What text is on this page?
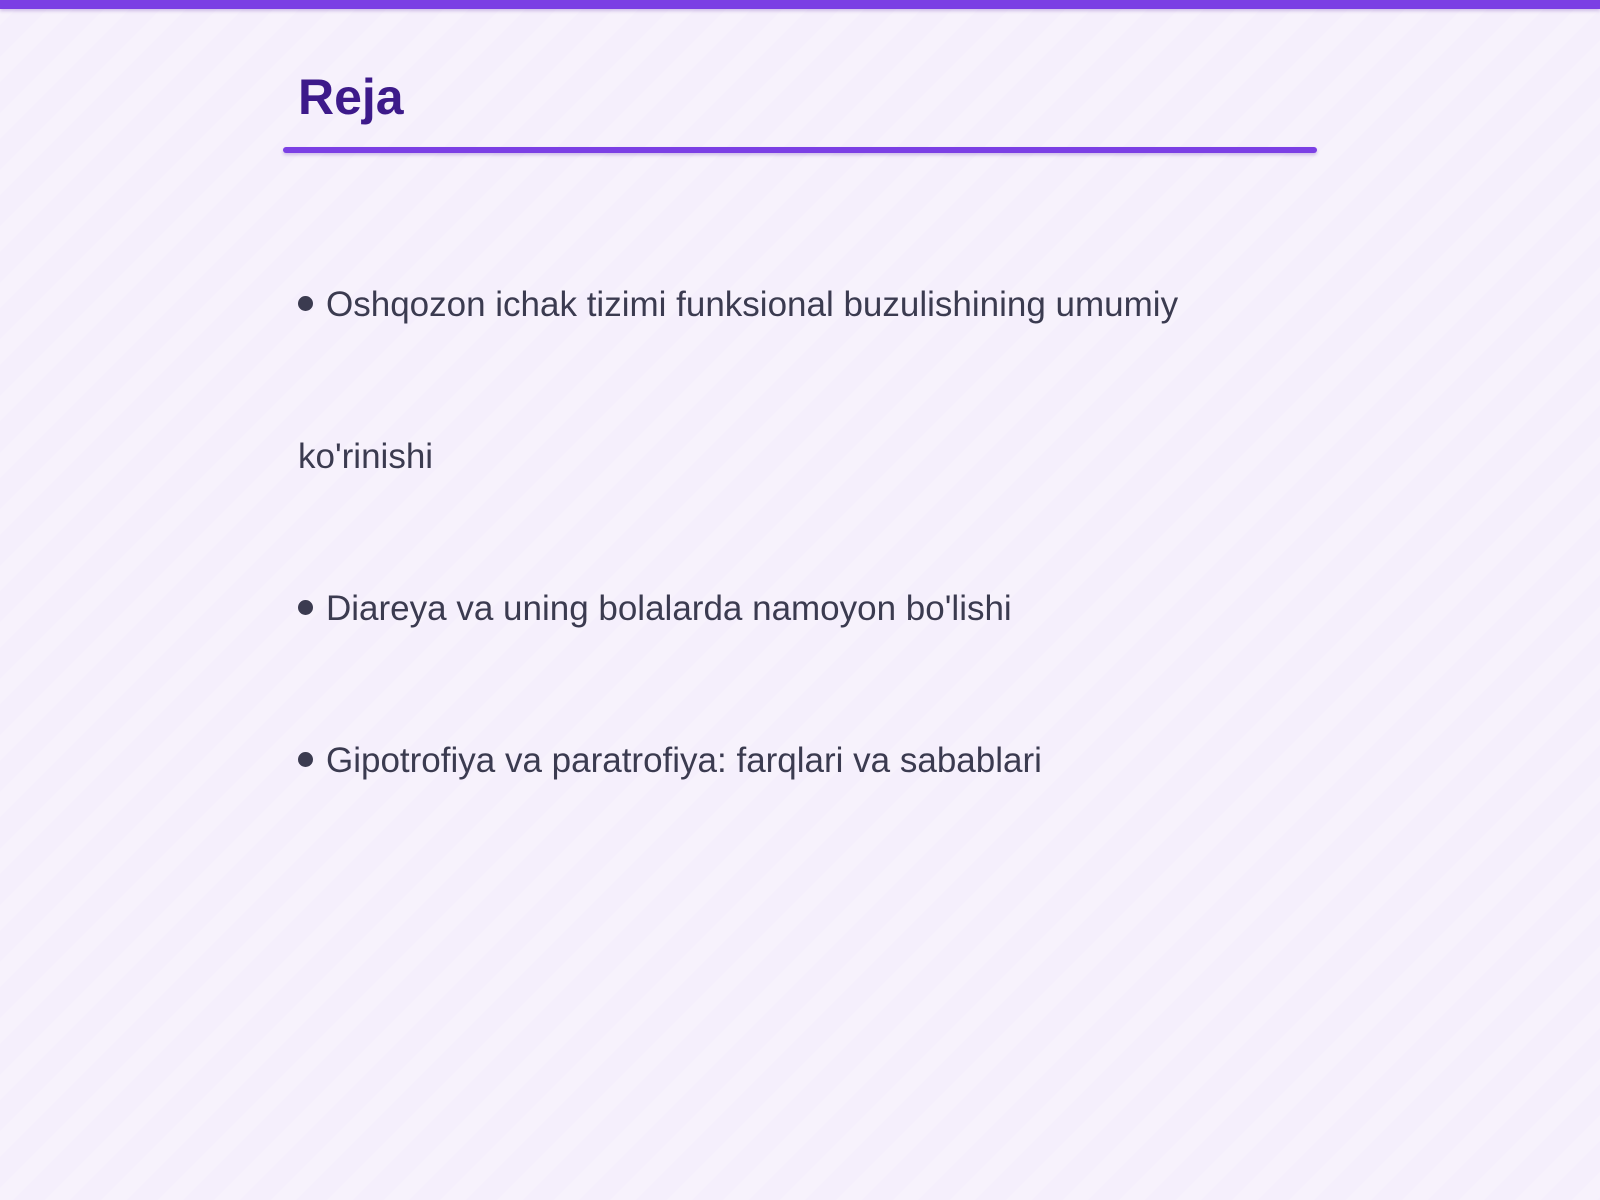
Reja

Oshqozon ichak tizimi funksional buzulishining umumiy

ko'rinishi

Diareya va uning bolalarda namoyon bo'lishi

Gipotrofiya va paratrofiya: farqlari va sabablari
